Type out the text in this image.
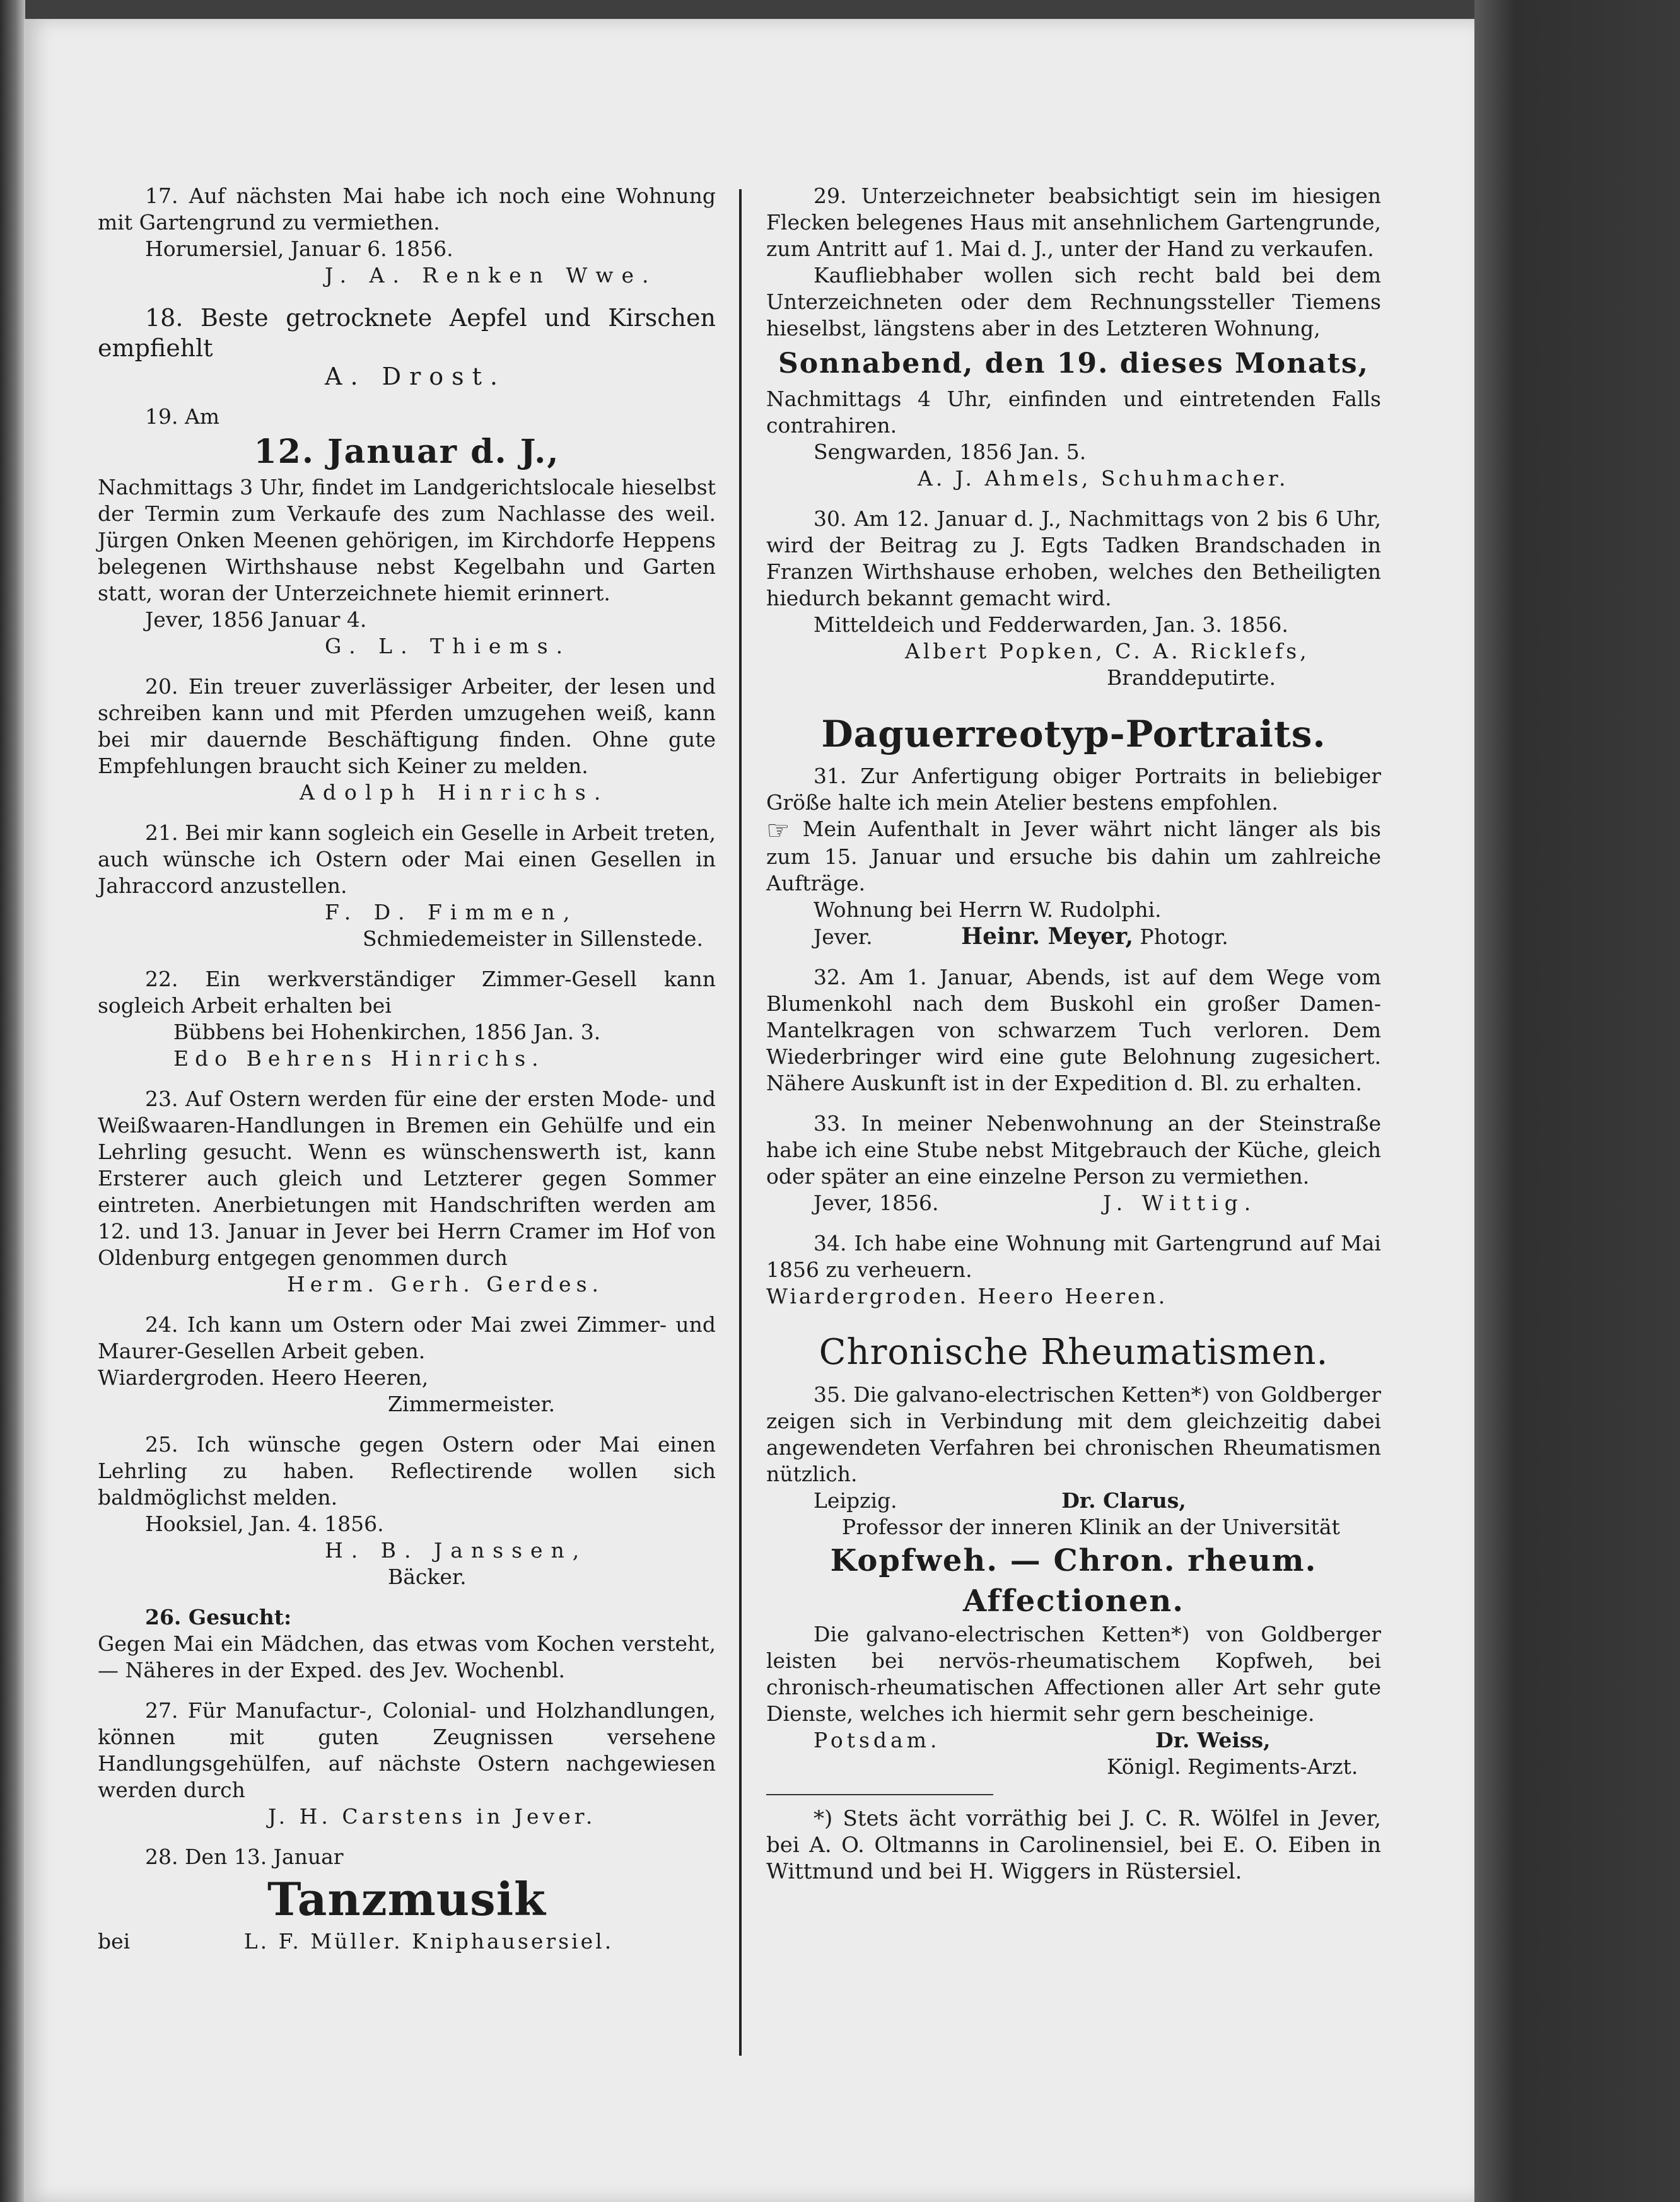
17. Auf nächsten Mai habe ich noch eine Wohnung mit Gartengrund zu vermiethen.

Horumersiel, Januar 6. 1856.

J. A. Renken Wwe.

18. Beste getrocknete Aepfel und Kirschen empfiehlt

A. Drost.

19. Am

12. Januar d. J.,

Nachmittags 3 Uhr, findet im Landgerichtslocale hieselbst der Termin zum Verkaufe des zum Nachlasse des weil. Jürgen Onken Meenen gehörigen, im Kirchdorfe Heppens belegenen Wirthshause nebst Kegelbahn und Garten statt, woran der Unterzeichnete hiemit erinnert.

Jever, 1856 Januar 4.

G. L. Thiems.

20. Ein treuer zuverlässiger Arbeiter, der lesen und schreiben kann und mit Pferden umzugehen weiß, kann bei mir dauernde Beschäftigung finden. Ohne gute Empfehlungen braucht sich Keiner zu melden.

Adolph Hinrichs.

21. Bei mir kann sogleich ein Geselle in Arbeit treten, auch wünsche ich Ostern oder Mai einen Gesellen in Jahraccord anzustellen.

F. D. Fimmen,

Schmiedemeister in Sillenstede.

22. Ein werkverständiger Zimmer-Gesell kann sogleich Arbeit erhalten bei

Bübbens bei Hohenkirchen, 1856 Jan. 3.

Edo Behrens Hinrichs.

23. Auf Ostern werden für eine der ersten Mode- und Weißwaaren-Handlungen in Bremen ein Gehülfe und ein Lehrling gesucht. Wenn es wünschenswerth ist, kann Ersterer auch gleich und Letzterer gegen Sommer eintreten. Anerbietungen mit Handschriften werden am 12. und 13. Januar in Jever bei Herrn Cramer im Hof von Oldenburg entgegen genommen durch

Herm. Gerh. Gerdes.

24. Ich kann um Ostern oder Mai zwei Zimmer- und Maurer-Gesellen Arbeit geben.

Wiardergroden. Heero Heeren,

Zimmermeister.

25. Ich wünsche gegen Ostern oder Mai einen Lehrling zu haben. Reflectirende wollen sich baldmöglichst melden.

Hooksiel, Jan. 4. 1856.

H. B. Janssen,

Bäcker.

26. Gesucht:

Gegen Mai ein Mädchen, das etwas vom Kochen versteht, — Näheres in der Exped. des Jev. Wochenbl.

27. Für Manufactur-, Colonial- und Holzhandlungen, können mit guten Zeugnissen versehene Handlungsgehülfen, auf nächste Ostern nachgewiesen werden durch

J. H. Carstens in Jever.

28. Den 13. Januar

Tanzmusik

bei	L. F. Müller. Kniphausersiel.

29. Unterzeichneter beabsichtigt sein im hiesigen Flecken belegenes Haus mit ansehnlichem Gartengrunde, zum Antritt auf 1. Mai d. J., unter der Hand zu verkaufen.

Kaufliebhaber wollen sich recht bald bei dem Unterzeichneten oder dem Rechnungssteller Tiemens hieselbst, längstens aber in des Letzteren Wohnung,

Sonnabend, den 19. dieses Monats,

Nachmittags 4 Uhr, einfinden und eintretenden Falls contrahiren.

Sengwarden, 1856 Jan. 5.

A. J. Ahmels, Schuhmacher.

30. Am 12. Januar d. J., Nachmittags von 2 bis 6 Uhr, wird der Beitrag zu J. Egts Tadken Brandschaden in Franzen Wirthshause erhoben, welches den Betheiligten hiedurch bekannt gemacht wird.

Mitteldeich und Fedderwarden, Jan. 3. 1856.

Albert Popken, C. A. Ricklefs,

Branddeputirte.

Daguerreotyp-Portraits.

31. Zur Anfertigung obiger Portraits in beliebiger Größe halte ich mein Atelier bestens empfohlen.

☞ Mein Aufenthalt in Jever währt nicht länger als bis zum 15. Januar und ersuche bis dahin um zahlreiche Aufträge.

Wohnung bei Herrn W. Rudolphi.

Jever.	Heinr. Meyer, Photogr.

32. Am 1. Januar, Abends, ist auf dem Wege vom Blumenkohl nach dem Buskohl ein großer Damen-Mantelkragen von schwarzem Tuch verloren. Dem Wiederbringer wird eine gute Belohnung zugesichert. Nähere Auskunft ist in der Expedition d. Bl. zu erhalten.

33. In meiner Nebenwohnung an der Steinstraße habe ich eine Stube nebst Mitgebrauch der Küche, gleich oder später an eine einzelne Person zu vermiethen.

Jever, 1856.	J. Wittig.

34. Ich habe eine Wohnung mit Gartengrund auf Mai 1856 zu verheuern.

Wiardergroden. Heero Heeren.

Chronische Rheumatismen.

35. Die galvano-electrischen Ketten*) von Goldberger zeigen sich in Verbindung mit dem gleichzeitig dabei angewendeten Verfahren bei chronischen Rheumatismen nützlich.

Leipzig.	Dr. Clarus,

Professor der inneren Klinik an der Universität

Kopfweh. — Chron. rheum. Affectionen.

Die galvano-electrischen Ketten*) von Goldberger leisten bei nervös-rheumatischem Kopfweh, bei chronisch-rheumatischen Affectionen aller Art sehr gute Dienste, welches ich hiermit sehr gern bescheinige.

Potsdam.	Dr. Weiss,

Königl. Regiments-Arzt.

*) Stets ächt vorräthig bei J. C. R. Wölfel in Jever, bei A. O. Oltmanns in Carolinensiel, bei E. O. Eiben in Wittmund und bei H. Wiggers in Rüstersiel.
